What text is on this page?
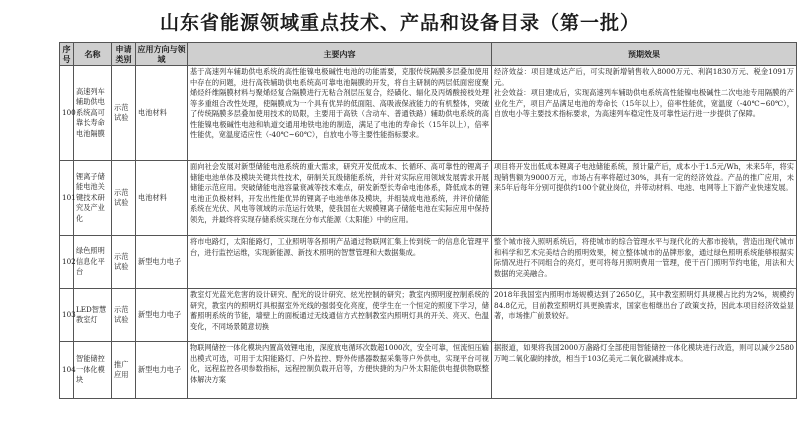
山东省能源领域重点技术、产品和设备目录（第一批）
序号	名称	申请类别	应用方向与领域	主要内容	预期效果
100	高速列车辅助供电系统高可靠长寿命电池隔膜	示范试验	电池材料	基于高速列车辅助供电系统的高性能镍电极碱性电池的功能需要，克服传统隔膜多层叠加使用中存在的问题，进行高铁辅助供电系统高可靠电池隔膜的开发，将自主研制的两层低面密度聚烯烃纤维隔膜材料与聚烯烃复合隔膜进行无粘合剂层压复合，经磺化、辐化及丙烯酸接枝处理等多重组合改性处理，使隔膜成为一个具有优异的低面阻、高吸液保液能力的有机整体，突破了传统隔膜多层叠加使用技术的局限，主要用于高铁（含动车、普通铁路）辅助供电系统的高性能镍电极碱性电池和轨道交通用地铁电池的制造，满足了电池的寿命长（15年以上），倍率性能优，宽温度适应性（-40℃~60℃），自放电小等主要性能指标要求。	经济效益：项目建成达产后，可实现新增销售收入8000万元、利润1830万元、税金1091万元。
社会效益：项目建成后，实现高速列车辅助供电系统高性能镍电极碱性二次电池专用隔膜的产业化生产，项目产品满足电池的寿命长（15年以上），倍率性能优，宽温度（-40℃~60℃），自放电小等主要技术指标要求，为高速列车稳定性及可靠性运行进一步提供了保障。
101	锂离子储能电池关键技术研究及产业化	示范试验	电池材料	面向社会发展对新型储能电池系统的重大需求，研究开发低成本、长循环、高可靠性的锂离子储能电池单体及模块关键共性技术，研制关瓦级储能系统，并针对实际应用领域发展需求开展储能示范应用。突破储能电池容量衰减等技术难点，研发新型长寿命电池体系，降低成本的锂电池正负极材料，开发出性能优异的锂离子电池单体及模块，并组装成电池系统，并评价储能系统在光伏、风电等领域的示范运行效果，使我国在大规模锂离子储能电池在实际应用中保持领先，并最终将实现存储系统实现在分布式能源（太阳能）中的应用。	项目将开发出低成本锂离子电池储能系统，预计量产后，成本小于1.5元/Wh，未来5年，将实现销售额为9000万元，市场占有率将超过30%，具有一定的经济效益。产品的推广应用，未来5年后每年分别可提供约100个就业岗位，并带动材料、电池、电网等上下游产业快速发展。
102	绿色照明信息化平台	示范试验	新型电力电子	将市电路灯，太阳能路灯，工业照明等各照明产品通过物联网汇集上传到统一的信息化管理平台，进行监控运维，实现新能源、新技术照明的智慧管理和大数据集成。	整个城市接入照明系统后，将使城市的综合管理水平与现代化的大都市接轨，营造出现代城市和科学和艺术完美结合的照明效果，树立整体城市的品牌形象，通过绿色照明系统能够根据实际情况进行不同组合的亮灯，更可将每月照明费用一管理，使干百门照明节约电能，用法和大数据的完美融合。
103	LED智慧教室灯	示范试验	新型电力电子	教室灯光蓝光危害的设计研究、配光的设计研究、炫光控制的研究；教室内照明度控制系统的研究，教室内的照明灯具根据室外光线的强弱变化亮度，使学生在一个恒定的照度下学习，储蓄照明系统的节能，墙壁上的面板通过无线通信方式控制教室内照明灯具的开关、亮灭、色温变化，不同场景随意切换	2018年我国室内照明市场规模达到了2650亿，其中教室照明灯具规模占比约为2%，规模约84.8亿元，目前教室照明灯具更换需求，国家也相继出台了政策支持，因此本项目经济效益显著，市场推广前景较好。
104	智能储控一体化模块	推广应用	新型电力电子	物联网储控一体化模块内置高效锂电池，深度放电循环次数超1000次，安全可靠，恒流恒压输出模式可选，可用于太阳能路灯、户外监控、野外传感器数据采集等户外供电，实现平台可视化，远程监控各项参数指标，远程控制负载开启等，方便快捷的为户外太阳能供电提供物联整体解决方案	据报道，如果将我国2000万盏路灯全部使用智能储控一体化模块进行改造，则可以减少2580万吨二氧化碳的排放，相当于103亿美元二氧化碳减排成本。
